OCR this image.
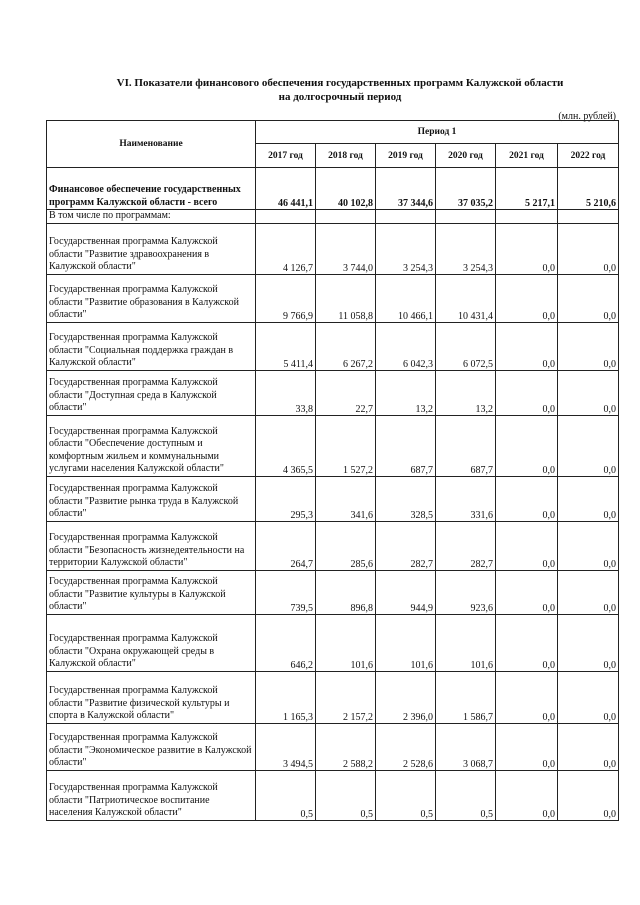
VI. Показатели финансового обеспечения государственных программ Калужской области
на долгосрочный период
(млн. рублей)
Наименование	Период 1					
	2017 год	2018 год	2019 год	2020 год	2021 год	2022 год
Финансовое обеспечение государственных программ Калужской области - всего	46 441,1	40 102,8	37 344,6	37 035,2	5 217,1	5 210,6
В том числе по программам:						
Государственная программа Калужской области "Развитие здравоохранения в Калужской области"	4 126,7	3 744,0	3 254,3	3 254,3	0,0	0,0
Государственная программа Калужской области "Развитие образования в Калужской области"	9 766,9	11 058,8	10 466,1	10 431,4	0,0	0,0
Государственная программа Калужской области "Социальная поддержка граждан в Калужской области"	5 411,4	6 267,2	6 042,3	6 072,5	0,0	0,0
Государственная программа Калужской области "Доступная среда в Калужской области"	33,8	22,7	13,2	13,2	0,0	0,0
Государственная программа Калужской области "Обеспечение доступным и комфортным жильем и коммунальными услугами населения Калужской области"	4 365,5	1 527,2	687,7	687,7	0,0	0,0
Государственная программа Калужской области "Развитие рынка труда в Калужской области"	295,3	341,6	328,5	331,6	0,0	0,0
Государственная программа Калужской области "Безопасность жизнедеятельности на территории Калужской области"	264,7	285,6	282,7	282,7	0,0	0,0
Государственная программа Калужской области "Развитие культуры в Калужской области"	739,5	896,8	944,9	923,6	0,0	0,0
Государственная программа Калужской области "Охрана окружающей среды в Калужской области"	646,2	101,6	101,6	101,6	0,0	0,0
Государственная программа Калужской области "Развитие физической культуры и спорта в Калужской области"	1 165,3	2 157,2	2 396,0	1 586,7	0,0	0,0
Государственная программа Калужской области "Экономическое развитие в Калужской области"	3 494,5	2 588,2	2 528,6	3 068,7	0,0	0,0
Государственная программа Калужской области "Патриотическое воспитание населения Калужской области"	0,5	0,5	0,5	0,5	0,0	0,0
